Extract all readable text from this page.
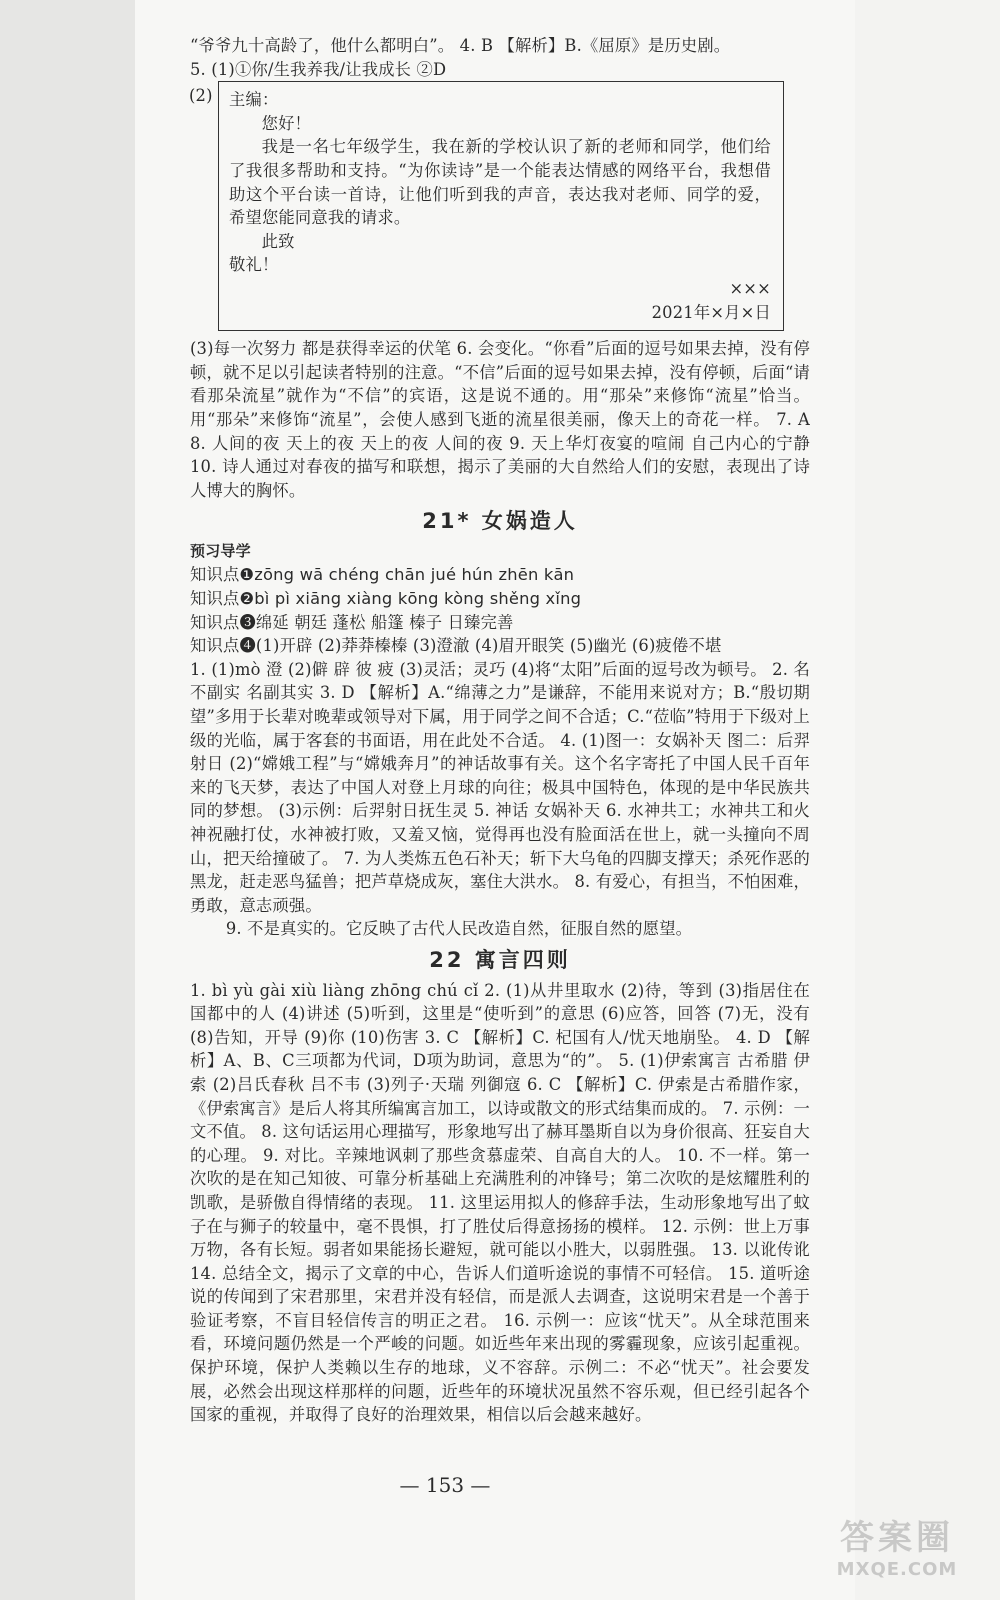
“爷爷九十高龄了，他什么都明白”。 4. B 【解析】B.《屈原》是历史剧。

5. (1)①你/生我养我/让我成长 ②D

(2) 主编：

您好！

我是一名七年级学生，我在新的学校认识了新的老师和同学，他们给了我很多帮助和支持。“为你读诗”是一个能表达情感的网络平台，我想借助这个平台读一首诗，让他们听到我的声音，表达我对老师、同学的爱，希望您能同意我的请求。

此致

敬礼！

×××

2021年×月×日

(3)每一次努力 都是获得幸运的伏笔 6. 会变化。“你看”后面的逗号如果去掉，没有停顿，就不足以引起读者特别的注意。“不信”后面的逗号如果去掉，没有停顿，后面“请看那朵流星”就作为“不信”的宾语，这是说不通的。用“那朵”来修饰“流星”恰当。用“那朵”来修饰“流星”，会使人感到飞逝的流星很美丽，像天上的奇花一样。 7. A 8. 人间的夜 天上的夜 天上的夜 人间的夜 9. 天上华灯夜宴的喧闹 自己内心的宁静 10. 诗人通过对春夜的描写和联想，揭示了美丽的大自然给人们的安慰，表现出了诗人博大的胸怀。

21* 女娲造人

预习导学

知识点❶zōng wā chéng chān jué hún zhēn kān

知识点❷bì pì xiāng xiàng kōng kòng shěng xǐng

知识点❸绵延 朝廷 蓬松 船篷 榛子 日臻完善

知识点❹(1)开辟 (2)莽莽榛榛 (3)澄澈 (4)眉开眼笑 (5)幽光 (6)疲倦不堪

1. (1)mò 澄 (2)僻 辟 彼 疲 (3)灵活；灵巧 (4)将“太阳”后面的逗号改为顿号。 2. 名不副实 名副其实 3. D 【解析】A.“绵薄之力”是谦辞，不能用来说对方；B.“殷切期望”多用于长辈对晚辈或领导对下属，用于同学之间不合适；C.“莅临”特用于下级对上级的光临，属于客套的书面语，用在此处不合适。 4. (1)图一：女娲补天 图二：后羿射日 (2)“嫦娥工程”与“嫦娥奔月”的神话故事有关。这个名字寄托了中国人民千百年来的飞天梦，表达了中国人对登上月球的向往；极具中国特色，体现的是中华民族共同的梦想。 (3)示例：后羿射日抚生灵 5. 神话 女娲补天 6. 水神共工；水神共工和火神祝融打仗，水神被打败，又羞又恼，觉得再也没有脸面活在世上，就一头撞向不周山，把天给撞破了。 7. 为人类炼五色石补天；斩下大乌龟的四脚支撑天；杀死作恶的黑龙，赶走恶鸟猛兽；把芦草烧成灰，塞住大洪水。 8. 有爱心，有担当，不怕困难，勇敢，意志顽强。

9. 不是真实的。它反映了古代人民改造自然，征服自然的愿望。

22 寓言四则

1. bì yù gài xiù liàng zhōng chú cǐ 2. (1)从井里取水 (2)待，等到 (3)指居住在国都中的人 (4)讲述 (5)听到，这里是“使听到”的意思 (6)应答，回答 (7)无，没有 (8)告知，开导 (9)你 (10)伤害 3. C 【解析】C. 杞国有人/忧天地崩坠。 4. D 【解析】A、B、C三项都为代词，D项为助词，意思为“的”。 5. (1)伊索寓言 古希腊 伊索 (2)吕氏春秋 吕不韦 (3)列子·天瑞 列御寇 6. C 【解析】C. 伊索是古希腊作家，《伊索寓言》是后人将其所编寓言加工，以诗或散文的形式结集而成的。 7. 示例：一文不值。 8. 这句话运用心理描写，形象地写出了赫耳墨斯自以为身价很高、狂妄自大的心理。 9. 对比。辛辣地讽刺了那些贪慕虚荣、自高自大的人。 10. 不一样。第一次吹的是在知己知彼、可靠分析基础上充满胜利的冲锋号；第二次吹的是炫耀胜利的凯歌，是骄傲自得情绪的表现。 11. 这里运用拟人的修辞手法，生动形象地写出了蚊子在与狮子的较量中，毫不畏惧，打了胜仗后得意扬扬的模样。 12. 示例：世上万事万物，各有长短。弱者如果能扬长避短，就可能以小胜大，以弱胜强。 13. 以讹传讹 14. 总结全文，揭示了文章的中心，告诉人们道听途说的事情不可轻信。 15. 道听途说的传闻到了宋君那里，宋君并没有轻信，而是派人去调查，这说明宋君是一个善于验证考察，不盲目轻信传言的明正之君。 16. 示例一：应该“忧天”。从全球范围来看，环境问题仍然是一个严峻的问题。如近些年来出现的雾霾现象，应该引起重视。保护环境，保护人类赖以生存的地球，义不容辞。示例二：不必“忧天”。社会要发展，必然会出现这样那样的问题，近些年的环境状况虽然不容乐观，但已经引起各个国家的重视，并取得了良好的治理效果，相信以后会越来越好。

— 153 —
答案圈
MXQE.COM
